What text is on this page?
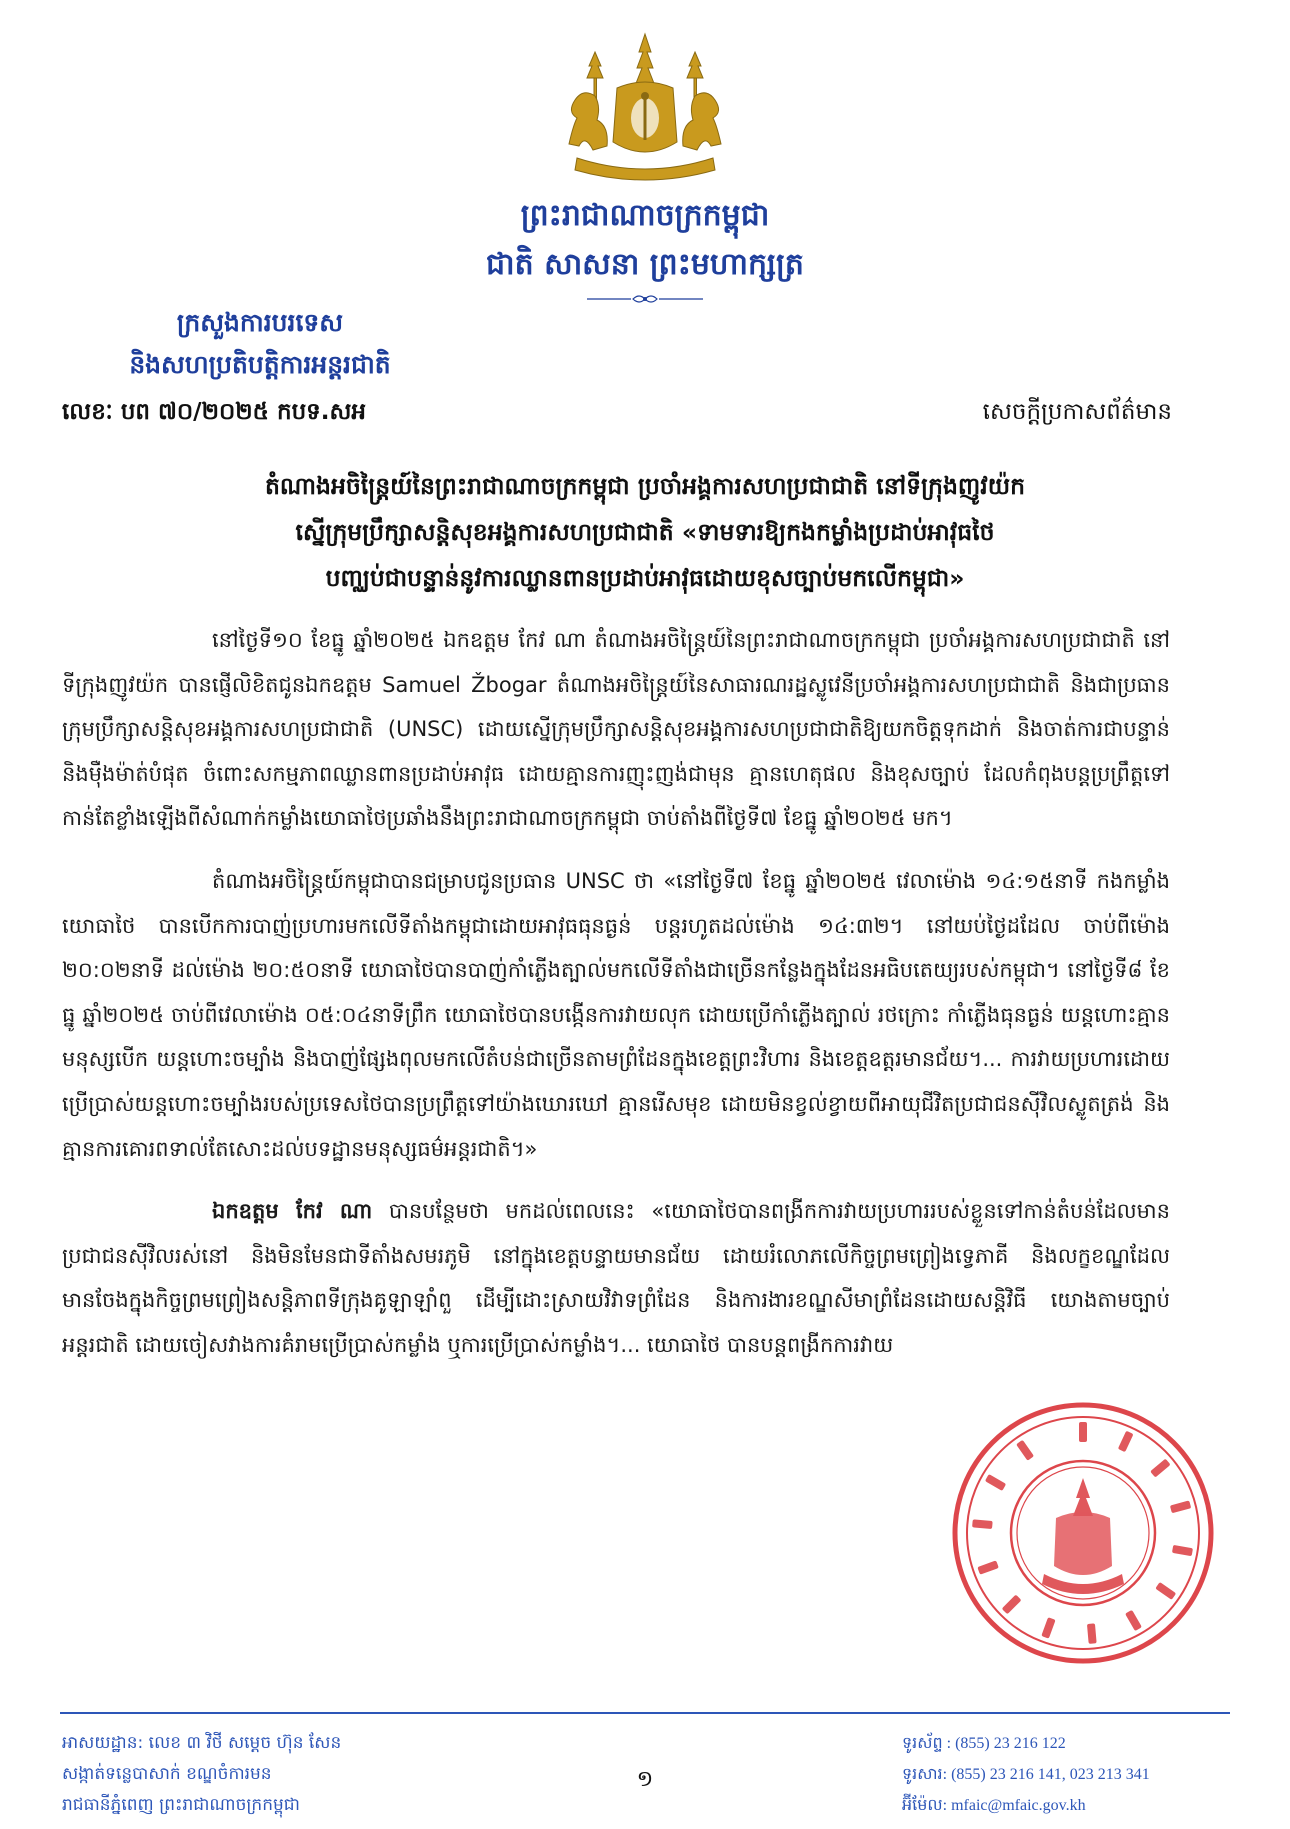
ព្រះរាជាណាចក្រកម្ពុជា
ជាតិ សាសនា ព្រះមហាក្សត្រ
ក្រសួងការបរទេស
និងសហប្រតិបត្តិការអន្តរជាតិ
លេខៈ បព ៧០/២០២៥ កបទ.សអ	សេចក្តីប្រកាសព័ត៌មាន
តំណាងអចិន្ត្រៃយ៍នៃព្រះរាជាណាចក្រកម្ពុជា ប្រចាំអង្គការសហប្រជាជាតិ នៅទីក្រុងញូវយ៉ក
ស្នើក្រុមប្រឹក្សាសន្តិសុខអង្គការសហប្រជាជាតិ «ទាមទារឱ្យកងកម្លាំងប្រដាប់អាវុធថៃ
បញ្ឈប់ជាបន្ទាន់នូវការឈ្លានពានប្រដាប់អាវុធដោយខុសច្បាប់មកលើកម្ពុជា»

នៅថ្ងៃទី១០ ខែធ្នូ ឆ្នាំ២០២៥ ឯកឧត្តម កែវ ណា តំណាងអចិន្ត្រៃយ៍នៃព្រះរាជាណាចក្រកម្ពុជា ប្រចាំអង្គការសហប្រជាជាតិ នៅទីក្រុងញូវយ៉ក បានផ្ញើលិខិតជូនឯកឧត្តម Samuel Žbogar តំណាងអចិន្ត្រៃយ៍នៃសាធារណរដ្ឋស្លូវេនីប្រចាំអង្គការសហប្រជាជាតិ និងជាប្រធានក្រុមប្រឹក្សាសន្តិសុខអង្គការសហប្រជាជាតិ (UNSC) ដោយស្នើក្រុមប្រឹក្សាសន្តិសុខអង្គការសហប្រជាជាតិឱ្យយកចិត្តទុកដាក់ និងចាត់ការជាបន្ទាន់ និងម៉ឺងម៉ាត់បំផុត ចំពោះសកម្មភាពឈ្លានពានប្រដាប់អាវុធ ដោយគ្មានការញុះញង់ជាមុន គ្មានហេតុផល និងខុសច្បាប់ ដែលកំពុងបន្តប្រព្រឹត្តទៅកាន់តែខ្លាំងឡើងពីសំណាក់កម្លាំងយោធាថៃប្រឆាំងនឹងព្រះរាជាណាចក្រកម្ពុជា ចាប់តាំងពីថ្ងៃទី៧ ខែធ្នូ ឆ្នាំ២០២៥ មក។

តំណាងអចិន្ត្រៃយ៍កម្ពុជាបានជម្រាបជូនប្រធាន UNSC ថា «នៅថ្ងៃទី៧ ខែធ្នូ ឆ្នាំ២០២៥ វេលាម៉ោង ១៤:១៥នាទី កងកម្លាំងយោធាថៃ បានបើកការបាញ់ប្រហារមកលើទីតាំងកម្ពុជាដោយអាវុធធុនធ្ងន់ បន្តរហូតដល់ម៉ោង ១៤:៣២។ នៅយប់ថ្ងៃដដែល ចាប់ពីម៉ោង ២០:០២នាទី ដល់ម៉ោង ២០:៥០នាទី យោធាថៃបានបាញ់កាំភ្លើងត្បាល់មកលើទីតាំងជាច្រើនកន្លែងក្នុងដែនអធិបតេយ្យរបស់កម្ពុជា។ នៅថ្ងៃទី៨ ខែធ្នូ ឆ្នាំ២០២៥ ចាប់ពីវេលាម៉ោង ០៥:០៤នាទីព្រឹក យោធាថៃបានបង្កើនការវាយលុក ដោយប្រើកាំភ្លើងត្បាល់ រថក្រោះ កាំភ្លើងធុនធ្ងន់ យន្តហោះគ្មានមនុស្សបើក យន្តហោះចម្បាំង និងបាញ់ផ្សែងពុលមកលើតំបន់ជាច្រើនតាមព្រំដែនក្នុងខេត្តព្រះវិហារ និងខេត្តឧត្តរមានជ័យ។... ការវាយប្រហារដោយប្រើប្រាស់យន្តហោះចម្បាំងរបស់ប្រទេសថៃបានប្រព្រឹត្តទៅយ៉ាងឃោរឃៅ គ្មានរើសមុខ ដោយមិនខ្វល់ខ្វាយពីអាយុជីវិតប្រជាជនស៊ីវិលស្លូតត្រង់ និង គ្មានការគោរពទាល់តែសោះដល់បទដ្ឋានមនុស្សធម៌អន្តរជាតិ។»

ឯកឧត្តម កែវ ណា បានបន្ថែមថា មកដល់ពេលនេះ «យោធាថៃបានពង្រីកការវាយប្រហាររបស់ខ្លួនទៅកាន់តំបន់ដែលមានប្រជាជនស៊ីវិលរស់នៅ និងមិនមែនជាទីតាំងសមរភូមិ នៅក្នុងខេត្តបន្ទាយមានជ័យ ដោយរំលោភលើកិច្ចព្រមព្រៀងទ្វេភាគី និងលក្ខខណ្ឌដែលមានចែងក្នុងកិច្ចព្រមព្រៀងសន្តិភាពទីក្រុងគូឡាឡាំពួ ដើម្បីដោះស្រាយវិវាទព្រំដែន និងការងារខណ្ឌសីមាព្រំដែនដោយសន្តិវិធី យោងតាមច្បាប់អន្តរជាតិ ដោយចៀសវាងការគំរាមប្រើប្រាស់កម្លាំង ឬការប្រើប្រាស់កម្លាំង។... យោធាថៃ បានបន្តពង្រីកការវាយ

អាសយដ្ឋាន: លេខ ៣ វិថី សម្តេច ហ៊ុន សែន
សង្កាត់ទន្លេបាសាក់ ខណ្ឌចំការមន
រាជធានីភ្នំពេញ ព្រះរាជាណាចក្រកម្ពុជា
១
ទូរស័ព្ទ : (855) 23 216 122
ទូរសារ: (855) 23 216 141, 023 213 341
អ៊ីម៉ែល: mfaic@mfaic.gov.kh
